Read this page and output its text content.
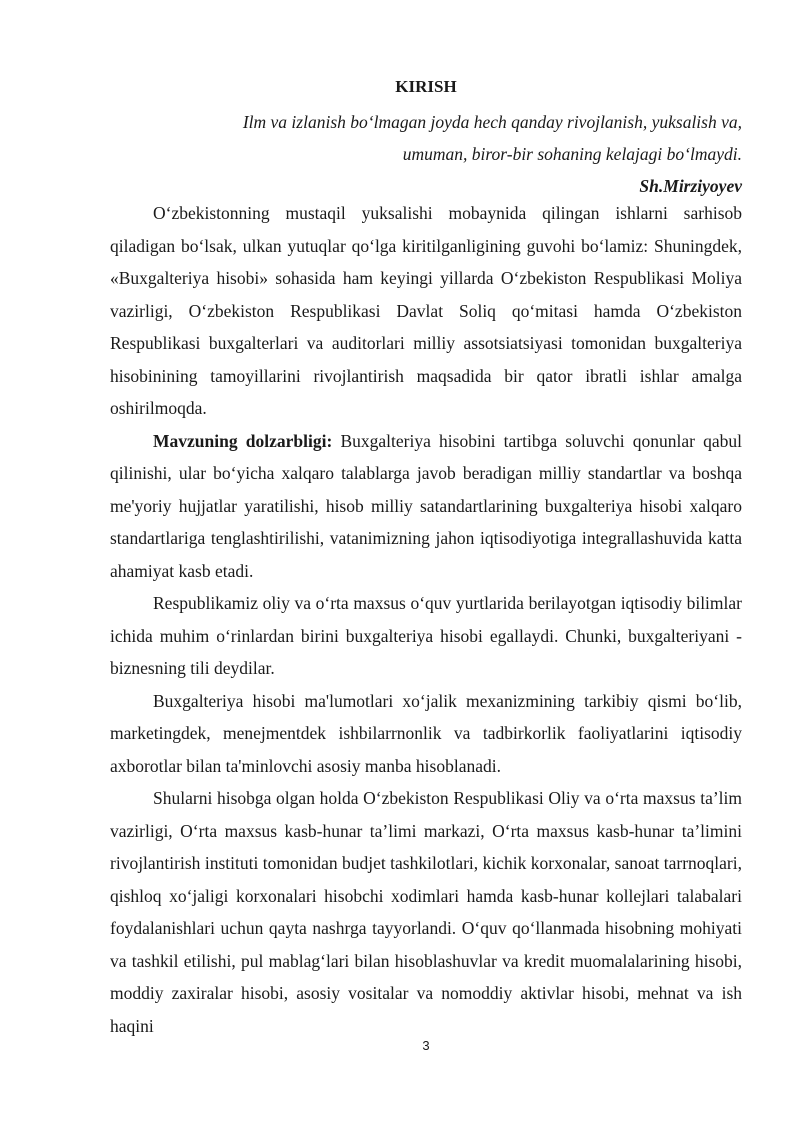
KIRISH
Ilm va izlanish boʻlmagan joyda hech qanday rivojlanish, yuksalish va,
umuman, biror-bir sohaning kelajagi boʻlmaydi.
Sh.Mirziyoyev

O‘zbekistonning mustaqil yuksalishi mobaynida qilingan ishlarni sarhisob qiladigan bo‘lsak, ulkan yutuqlar qo‘lga kiritilganligining guvohi bo‘lamiz: Shuningdek, «Buxgalteriya hisobi» sohasida ham keyingi yillarda O‘zbekiston Respublikasi Moliya vazirligi, O‘zbekiston Respublikasi Davlat Soliq qo‘mitasi hamda O‘zbekiston Respublikasi buxgalterlari va auditorlari milliy assotsiatsiyasi tomonidan buxgalteriya hisobinining tamoyillarini rivojlantirish maqsadida bir qator ibratli ishlar amalga oshirilmoqda.

Mavzuning dolzarbligi: Buxgalteriya hisobini tartibga soluvchi qonunlar qabul qilinishi, ular bo‘yicha xalqaro talablarga javob beradigan milliy standartlar va boshqa me'yoriy hujjatlar yaratilishi, hisob milliy satandartlarining buxgalteriya hisobi xalqaro standartlariga tenglashtirilishi, vatanimizning jahon iqtisodiyotiga integrallashuvida katta ahamiyat kasb etadi.

Respublikamiz oliy va o‘rta maxsus o‘quv yurtlarida berilayotgan iqtisodiy bilimlar ichida muhim o‘rinlardan birini buxgalteriya hisobi egallaydi. Chunki, buxgalteriyani - biznesning tili deydilar.

Buxgalteriya hisobi ma'lumotlari xo‘jalik mexanizmining tarkibiy qismi bo‘lib, marketingdek, menejmentdek ishbilarrnonlik va tadbirkorlik faoliyatlarini iqtisodiy axborotlar bilan ta'minlovchi asosiy manba hisoblanadi.

Shularni hisobga olgan holda O‘zbekiston Respublikasi Oliy va o‘rta maxsus ta’lim vazirligi, O‘rta maxsus kasb-hunar ta’limi markazi, O‘rta maxsus kasb-hunar ta’limini rivojlantirish instituti tomonidan budjet tashkilotlari, kichik korxonalar, sanoat tarrnoqlari, qishloq xo‘jaligi korxonalari hisobchi xodimlari hamda kasb-hunar kollejlari talabalari foydalanishlari uchun qayta nashrga tayyorlandi. O‘quv qo‘llanmada hisobning mohiyati va tashkil etilishi, pul mablag‘lari bilan hisoblashuvlar va kredit muomalalarining hisobi, moddiy zaxiralar hisobi, asosiy vositalar va nomoddiy aktivlar hisobi, mehnat va ish haqini

3
